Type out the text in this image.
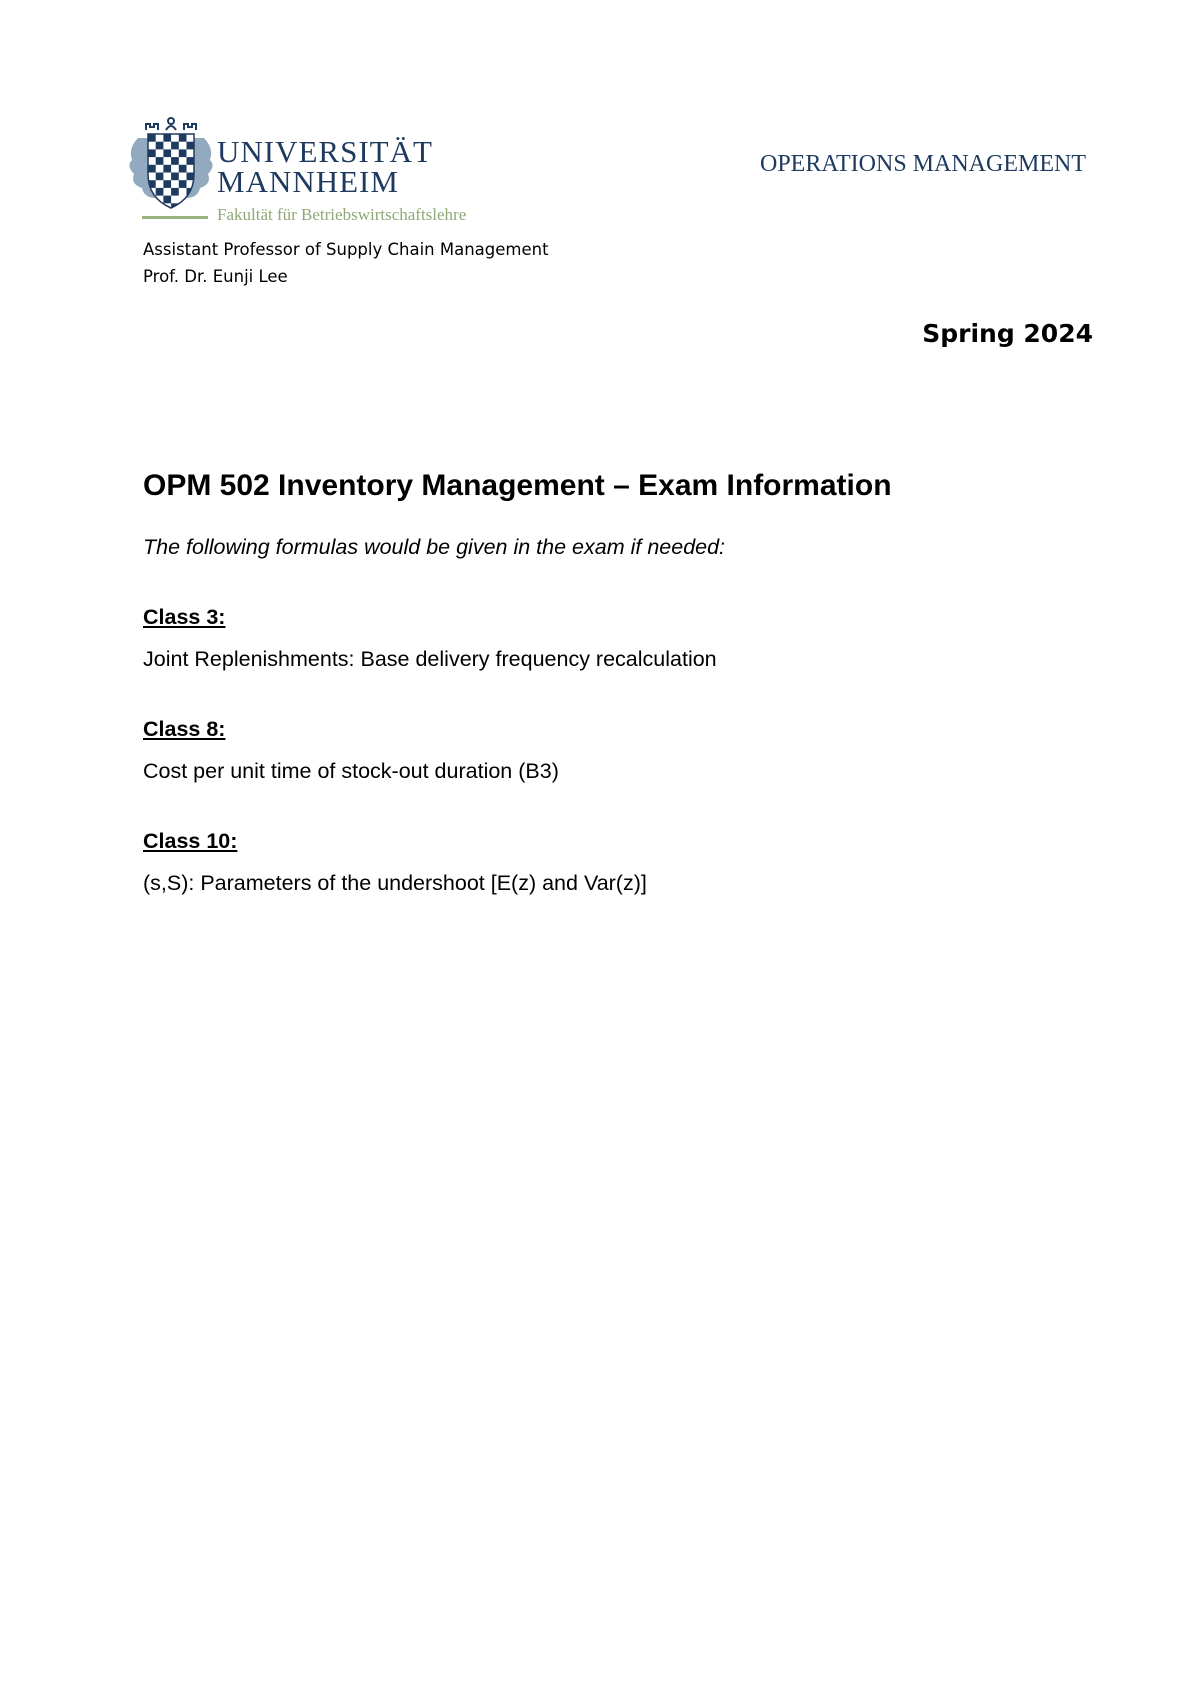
UNIVERSITÄT
MANNHEIM
Fakultät für Betriebswirtschaftslehre
OPERATIONS MANAGEMENT
Assistant Professor of Supply Chain Management
Prof. Dr. Eunji Lee
Spring 2024
OPM 502 Inventory Management – Exam Information
The following formulas would be given in the exam if needed:
Class 3:
Joint Replenishments: Base delivery frequency recalculation
Class 8:
Cost per unit time of stock-out duration (B3)
Class 10:
(s,S): Parameters of the undershoot [E(z) and Var(z)]
